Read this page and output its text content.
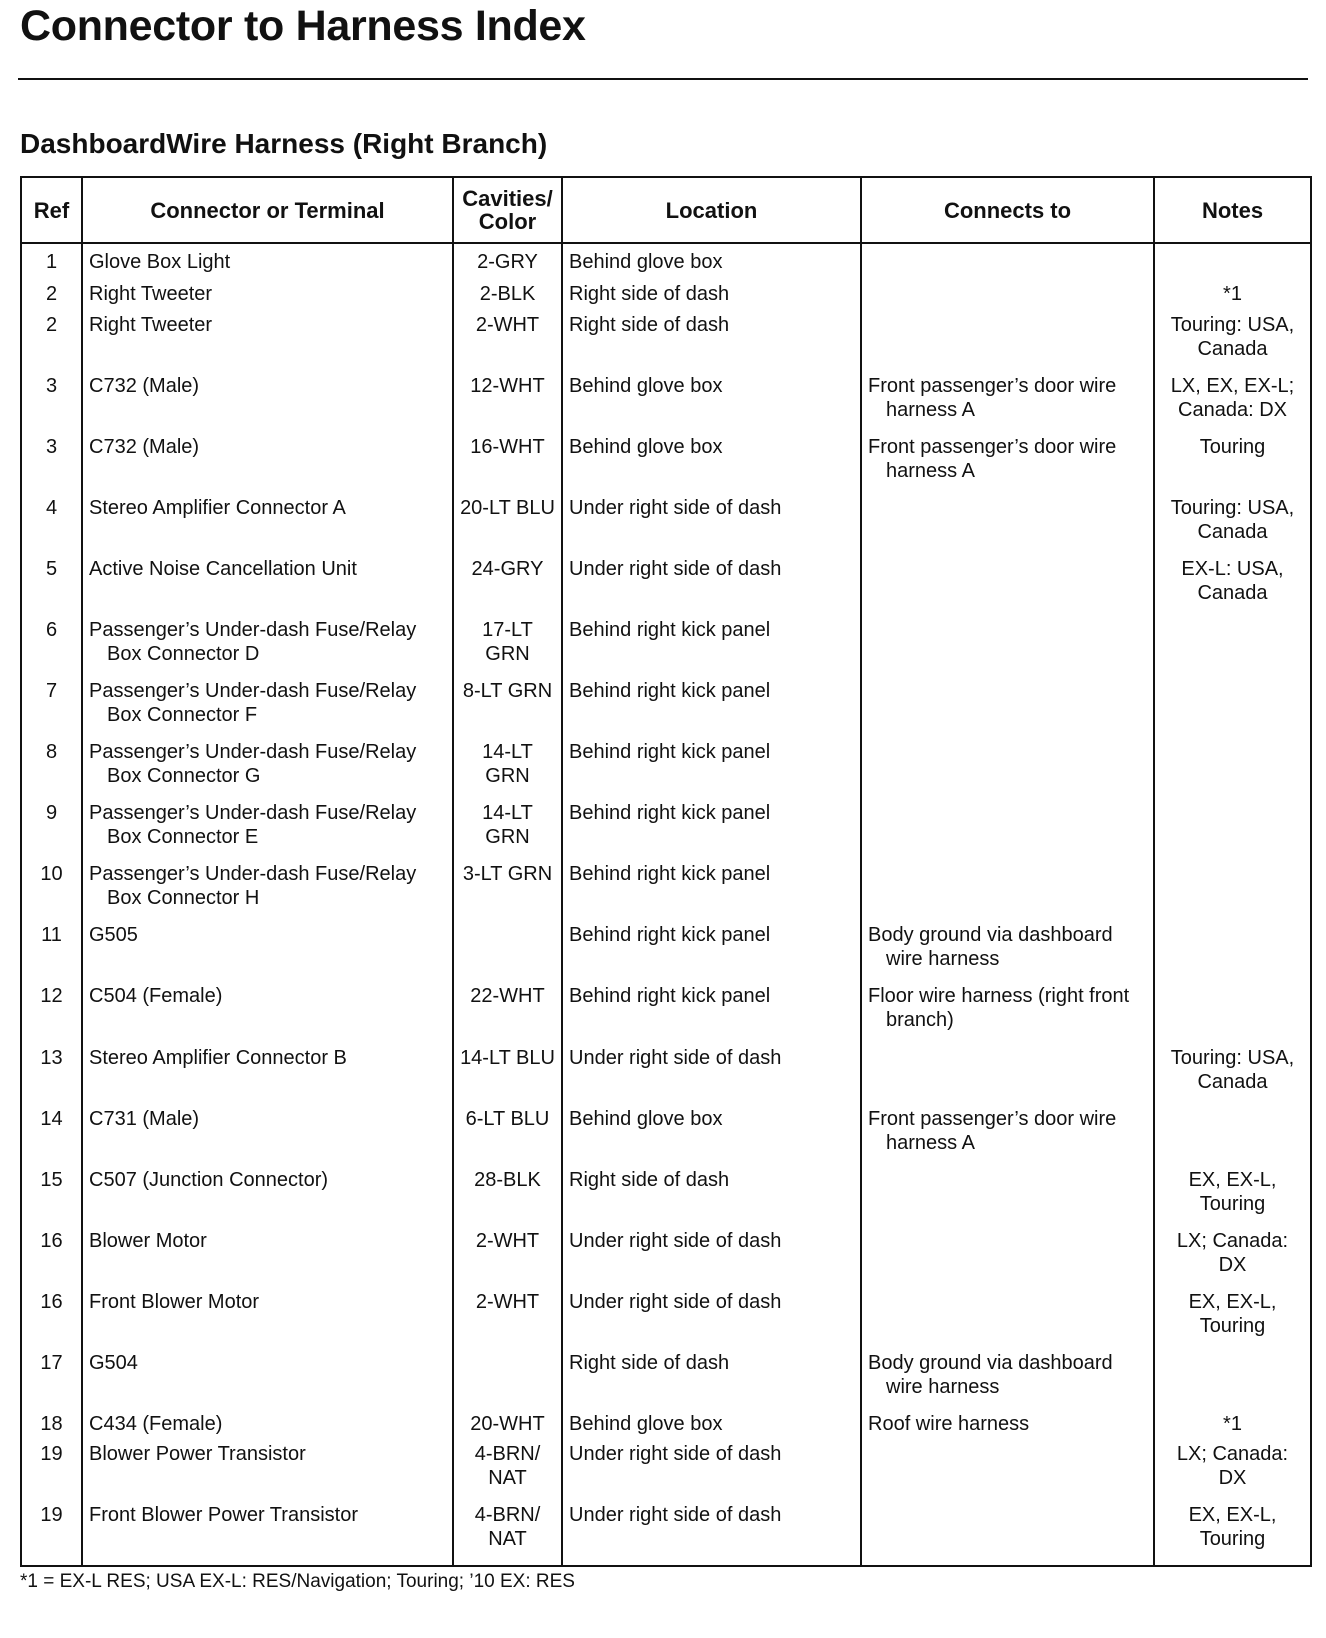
Connector to Harness Index
DashboardWire Harness (Right Branch)
Ref	Connector or Terminal	Cavities/ Color	Location	Connects to	Notes
1	Glove Box Light	2-GRY	Behind glove box	

2	Right Tweeter	2-BLK	Right side of dash		*1
2	Right Tweeter	2-WHT	Right side of dash		Touring: USA, Canada
3	C732 (Male)	12-WHT	Behind glove box	Front passenger’s door wire harness A	LX, EX, EX-L; Canada: DX
3	C732 (Male)	16-WHT	Behind glove box	Front passenger’s door wire harness A	Touring
4	Stereo Amplifier Connector A	20-LT BLU	Under right side of dash		Touring: USA, Canada
5	Active Noise Cancellation Unit	24-GRY	Under right side of dash		EX-L: USA, Canada
6	Passenger’s Under-dash Fuse/Relay Box Connector D	17-LT GRN	Behind right kick panel	

7	Passenger’s Under-dash Fuse/Relay Box Connector F	8-LT GRN	Behind right kick panel	

8	Passenger’s Under-dash Fuse/Relay Box Connector G	14-LT GRN	Behind right kick panel	

9	Passenger’s Under-dash Fuse/Relay Box Connector E	14-LT GRN	Behind right kick panel	

10	Passenger’s Under-dash Fuse/Relay Box Connector H	3-LT GRN	Behind right kick panel	

11	G505		Behind right kick panel	Body ground via dashboard wire harness	

12	C504 (Female)	22-WHT	Behind right kick panel	Floor wire harness (right front branch)	

13	Stereo Amplifier Connector B	14-LT BLU	Under right side of dash		Touring: USA, Canada
14	C731 (Male)	6-LT BLU	Behind glove box	Front passenger’s door wire harness A	

15	C507 (Junction Connector)	28-BLK	Right side of dash		EX, EX-L, Touring
16	Blower Motor	2-WHT	Under right side of dash		LX; Canada: DX
16	Front Blower Motor	2-WHT	Under right side of dash		EX, EX-L, Touring
17	G504		Right side of dash	Body ground via dashboard wire harness	

18	C434 (Female)	20-WHT	Behind glove box	Roof wire harness	*1
19	Blower Power Transistor	4-BRN/ NAT	Under right side of dash		LX; Canada: DX
19	Front Blower Power Transistor	4-BRN/ NAT	Under right side of dash		EX, EX-L, Touring
*1 = EX-L RES; USA EX-L: RES/Navigation; Touring; ’10 EX: RES
